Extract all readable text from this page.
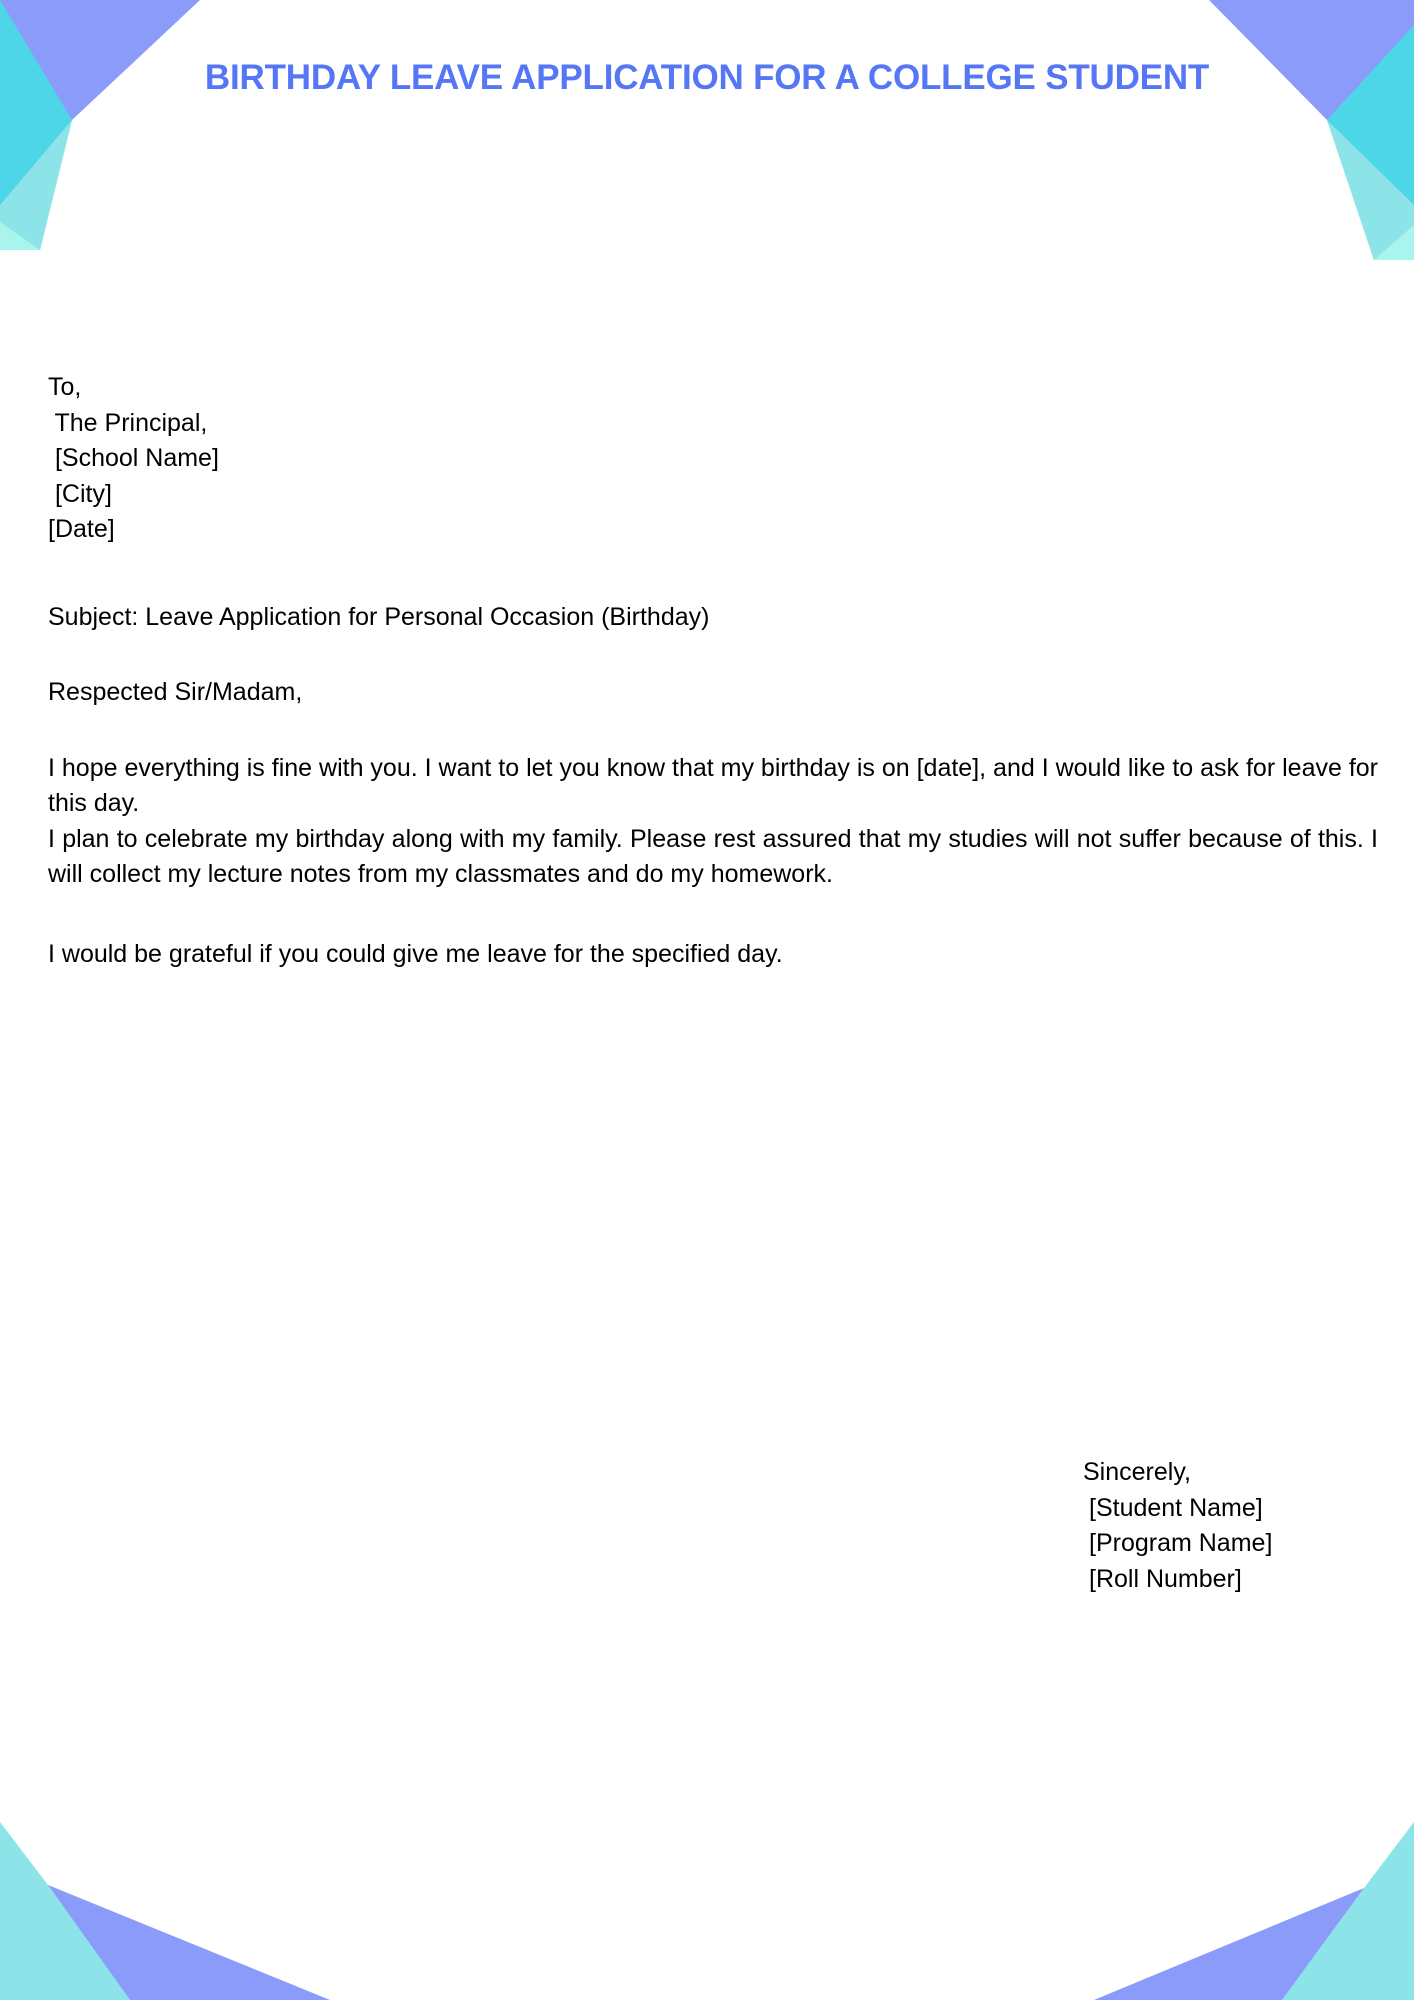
BIRTHDAY LEAVE APPLICATION FOR A COLLEGE STUDENT
To,
The Principal,
[School Name]
[City]
[Date]
Subject: Leave Application for Personal Occasion (Birthday)
Respected Sir/Madam,

I hope everything is fine with you. I want to let you know that my birthday is on [date], and I would like to ask for leave for this day.

I plan to celebrate my birthday along with my family. Please rest assured that my studies will not suffer because of this. I will collect my lecture notes from my classmates and do my homework.

I would be grateful if you could give me leave for the specified day.
Sincerely,
[Student Name]
[Program Name]
[Roll Number]
